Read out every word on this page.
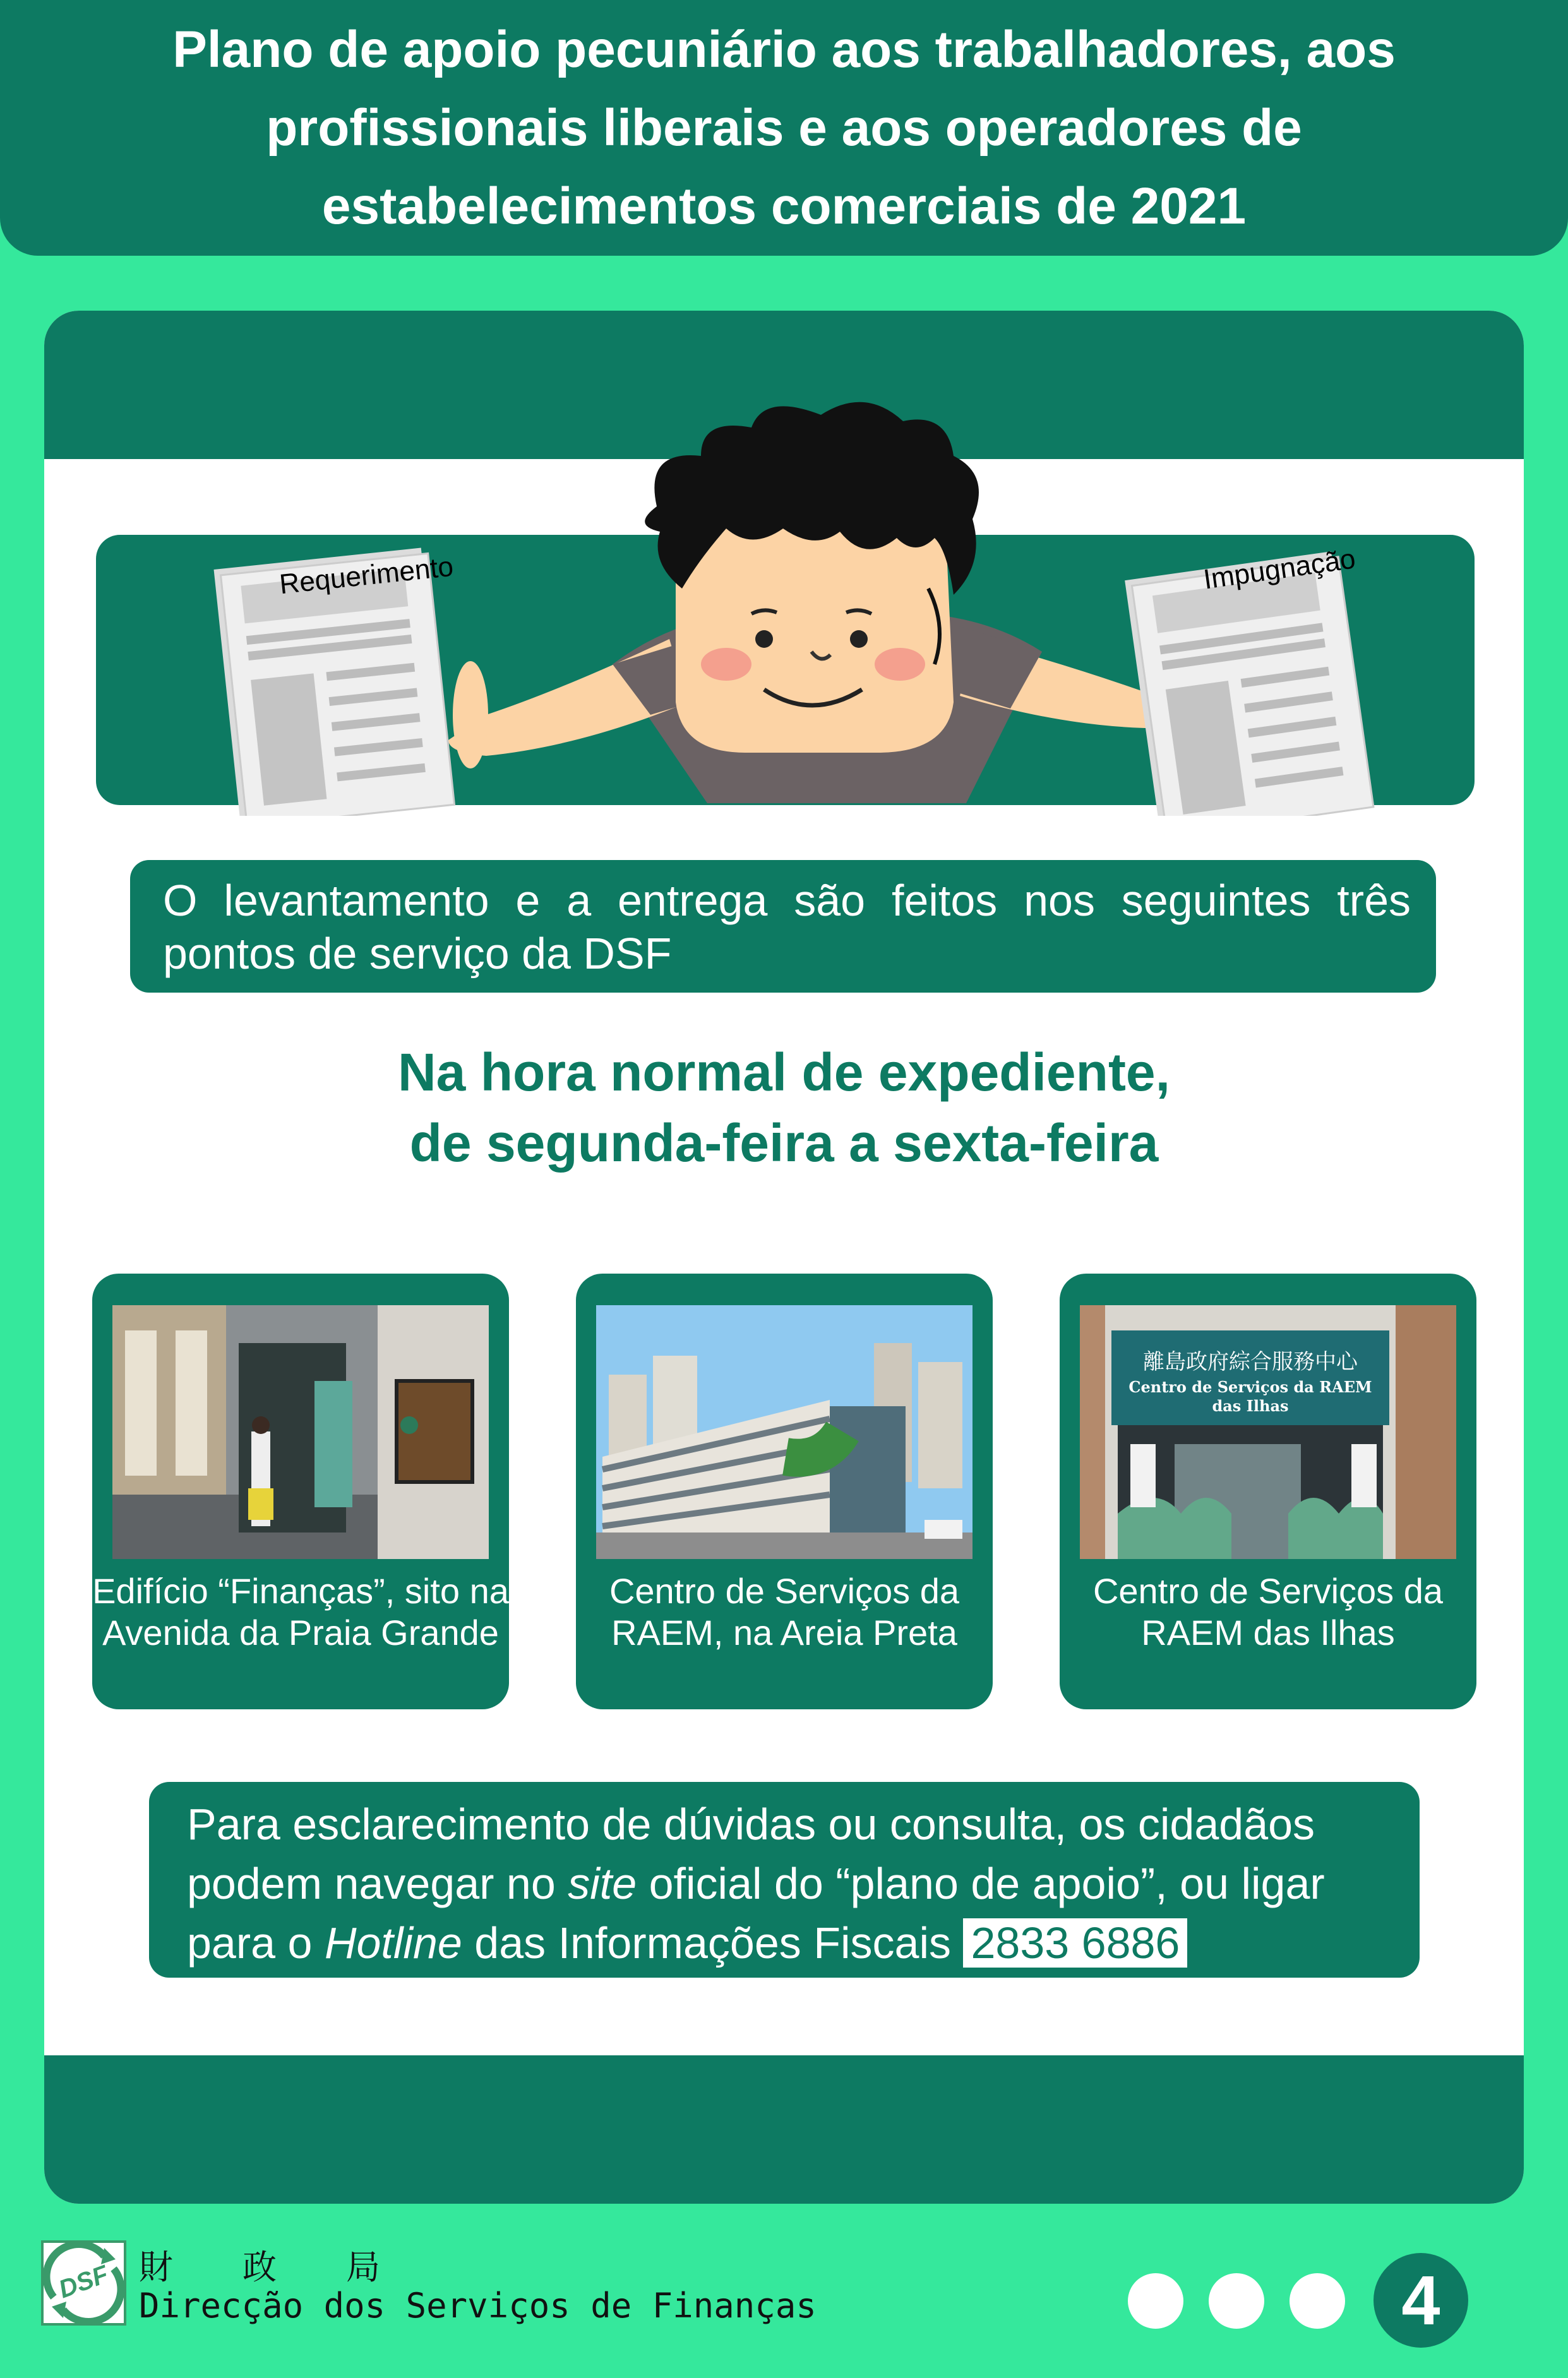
Plano de apoio pecuniário aos trabalhadores, aos
profissionais liberais e aos operadores de
estabelecimentos comerciais de 2021
Requerimento	Impugnação
O levantamento e a entrega são feitos nos seguintes três pontos de serviço da DSF
Na hora normal de expediente,
de segunda-feira a sexta-feira
Edifício “Finanças”, sito na Avenida da Praia Grande
Centro de Serviços da RAEM, na Areia Preta
離島政府綜合服務中心
Centro de Serviços da RAEM
das Ilhas
Centro de Serviços da RAEM das Ilhas
Para esclarecimento de dúvidas ou consulta, os cidadãos podem navegar no site oficial do “plano de apoio”, ou ligar para o Hotline das Informações Fiscais 2833 6886
DSF 財政局
Direcção dos Serviços de Finanças	4
